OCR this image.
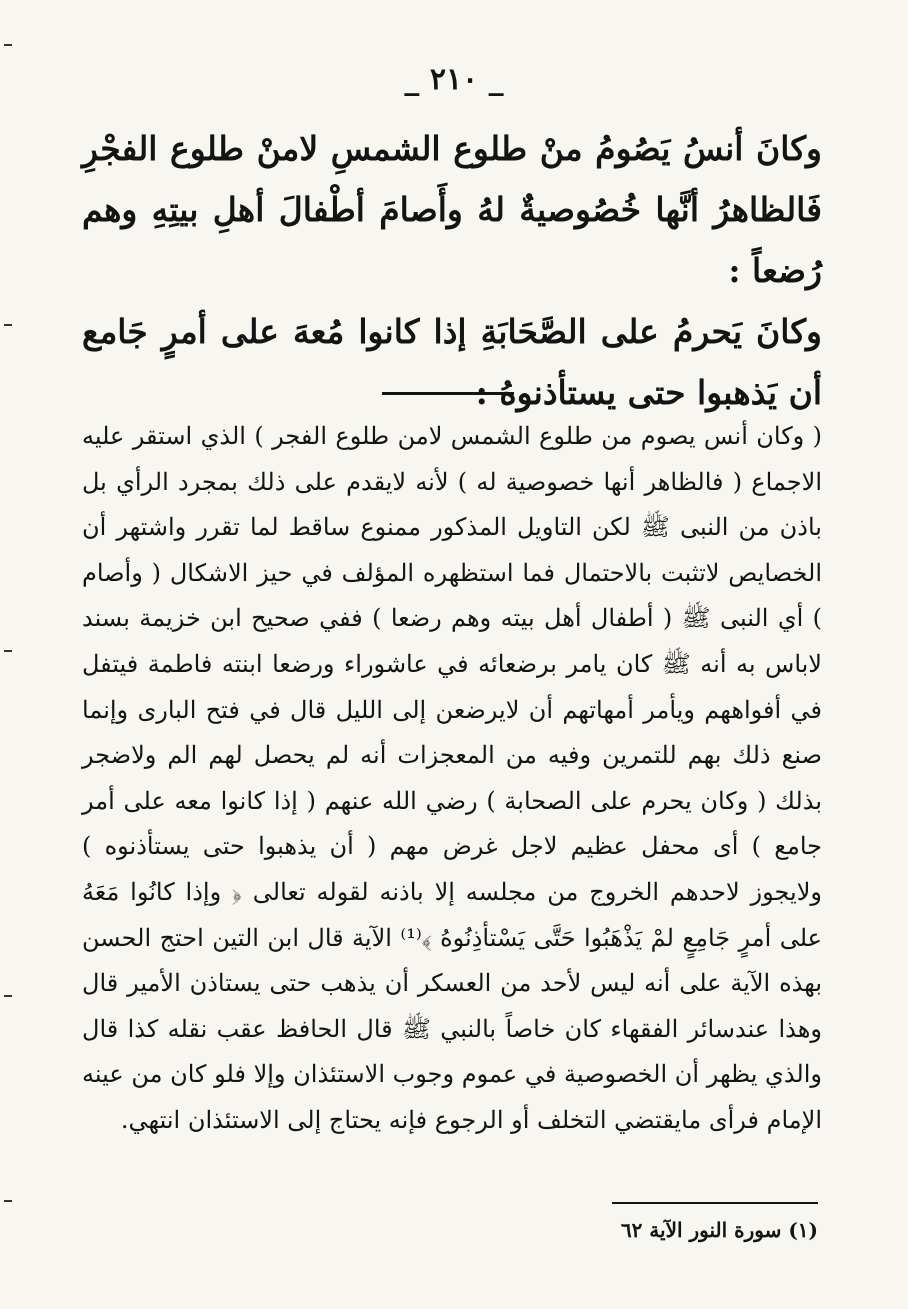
_ ٢١٠ _

وكانَ أنسُ يَصُومُ منْ طلوع الشمسِ لامنْ طلوع الفجْرِ فَالظاهرُ أنَّها خُصُوصيةٌ لهُ وأَصامَ أطْفالَ أهلِ بيتِهِ وهم رُضعاً :

وكانَ يَحرمُ على الصَّحَابَةِ إذا كانوا مُعهَ على أمرٍ جَامع أن يَذهبوا حتى يستأذنوهُ :

( وكان أنس يصوم من طلوع الشمس لامن طلوع الفجر ) الذي استقر عليه الاجماع ( فالظاهر أنها خصوصية له ) لأنه لايقدم على ذلك بمجرد الرأي بل باذن من النبى ﷺ لكن التاويل المذكور ممنوع ساقط لما تقرر واشتهر أن الخصايص لاتثبت بالاحتمال فما استظهره المؤلف في حيز الاشكال ( وأصام ) أي النبى ﷺ ( أطفال أهل بيته وهم رضعا ) ففي صحيح ابن خزيمة بسند لاباس به أنه ﷺ كان يامر برضعائه في عاشوراء ورضعا ابنته فاطمة فيتفل في أفواههم ويأمر أمهاتهم أن لايرضعن إلى الليل قال في فتح البارى وإنما صنع ذلك بهم للتمرين وفيه من المعجزات أنه لم يحصل لهم الم ولاضجر بذلك ( وكان يحرم على الصحابة ) رضي الله عنهم ( إذا كانوا معه على أمر جامع ) أى محفل عظيم لاجل غرض مهم ( أن يذهبوا حتى يستأذنوه ) ولايجوز لاحدهم الخروج من مجلسه إلا باذنه لقوله تعالى ﴿ وإذا كانُوا مَعَهُ على أمرٍ جَامِعٍ لمْ يَذْهَبُوا حَتَّى يَسْتأذِنُوهُ ﴾⁽¹⁾ الآية قال ابن التين احتج الحسن بهذه الآية على أنه ليس لأحد من العسكر أن يذهب حتى يستاذن الأمير قال وهذا عندسائر الفقهاء كان خاصاً بالنبي ﷺ قال الحافظ عقب نقله كذا قال والذي يظهر أن الخصوصية في عموم وجوب الاستئذان وإلا فلو كان من عينه الإمام فرأى مايقتضي التخلف أو الرجوع فإنه يحتاج إلى الاستئذان انتهي.

(١) سورة النور الآية ٦٢
